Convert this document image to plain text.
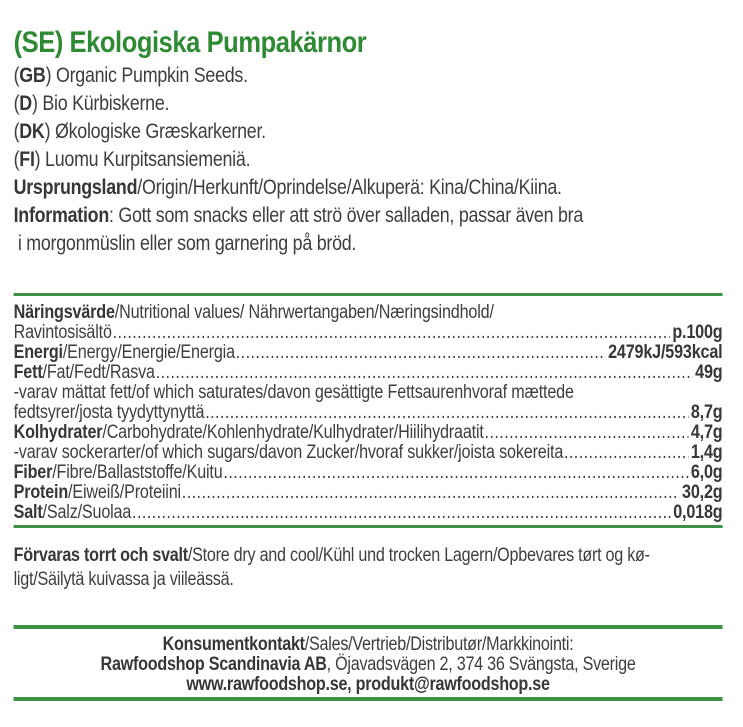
(SE) Ekologiska Pumpakärnor
(GB) Organic Pumpkin Seeds.
(D) Bio Kürbiskerne.
(DK) Økologiske Græskarkerner.
(FI) Luomu Kurpitsansiemeniä.
Ursprungsland/Origin/Herkunft/Oprindelse/Alkuperä: Kina/China/Kiina.
Information: Gott som snacks eller att strö över salladen, passar även bra
i morgonmüslin eller som garnering på bröd.
Näringsvärde/Nutritional values/ Nährwertangaben/Næringsindhold/
Ravintosisältö .....	p.100g
Energi/Energy/Energie/Energia .....	2479kJ/593kcal
Fett/Fat/Fedt/Rasva .....	49g
-varav mättat fett/of which saturates/davon gesättigte Fettsaurenhvoraf mættede
fedtsyrer/josta tyydyttynyttä .....	8,7g
Kolhydrater/Carbohydrate/Kohlenhydrate/Kulhydrater/Hiilihydraatit .....	4,7g
-varav sockerarter/of which sugars/davon Zucker/hvoraf sukker/joista sokereita .....	1,4g
Fiber/Fibre/Ballaststoffe/Kuitu .....	6,0g
Protein/Eiweiß/Proteiini .....	30,2g
Salt/Salz/Suolaa .....	0,018g
Förvaras torrt och svalt/Store dry and cool/Kühl und trocken Lagern/Opbevares tørt og kø-
ligt/Säilytä kuivassa ja viileässä.
Konsumentkontakt/Sales/Vertrieb/Distributør/Markkinointi:
Rawfoodshop Scandinavia AB, Öjavadsvägen 2, 374 36 Svängsta, Sverige
www.rawfoodshop.se, produkt@rawfoodshop.se
